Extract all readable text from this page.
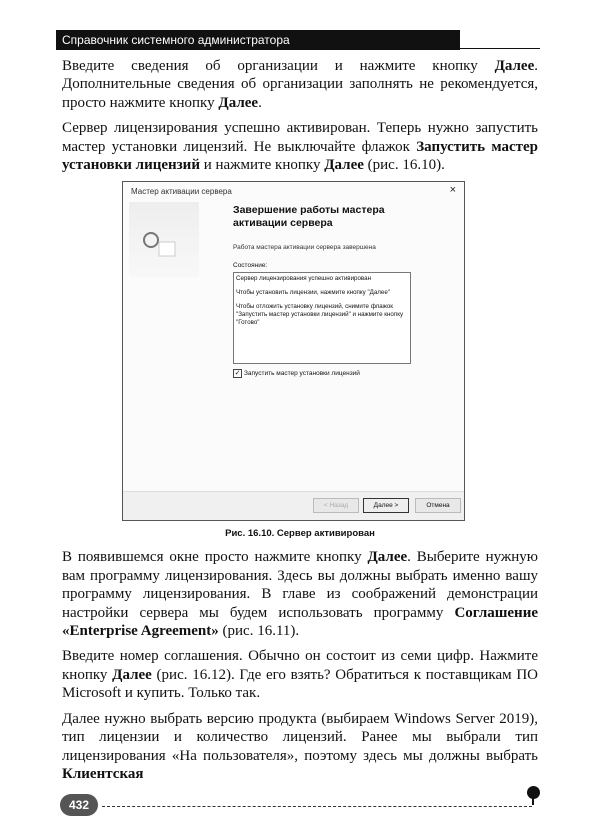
Справочник системного администратора

Введите сведения об организации и нажмите кнопку Далее. Дополнительные сведения об организации заполнять не рекомендуется, просто нажмите кнопку Далее.

Сервер лицензирования успешно активирован. Теперь нужно запустить мастер установки лицензий. Не выключайте флажок Запустить мастер установки лицензий и нажмите кнопку Далее (рис. 16.10).

Мастер активации сервера	×
Завершение работы мастера активации сервера
Работа мастера активации сервера завершена
Состояние:
Сервер лицензирования успешно активирован
Чтобы установить лицензии, нажмите кнопку "Далее"
Чтобы отложить установку лицензий, снимите флажок "Запустить мастер установки лицензий" и нажмите кнопку "Готово"
✓ Запустить мастер установки лицензий
< Назад	Далее >	Отмена
Рис. 16.10. Сервер активирован

В появившемся окне просто нажмите кнопку Далее. Выберите нужную вам программу лицензирования. Здесь вы должны выбрать именно вашу программу лицензирования. В главе из соображений демонстрации настройки сервера мы будем использовать программу Соглашение «Enterprise Agreement» (рис. 16.11).

Введите номер соглашения. Обычно он состоит из семи цифр. Нажмите кнопку Далее (рис. 16.12). Где его взять? Обратиться к поставщикам ПО Microsoft и купить. Только так.

Далее нужно выбрать версию продукта (выбираем Windows Server 2019), тип лицензии и количество лицензий. Ранее мы выбрали тип лицензирования «На пользователя», поэтому здесь мы должны выбрать Клиентская

432
